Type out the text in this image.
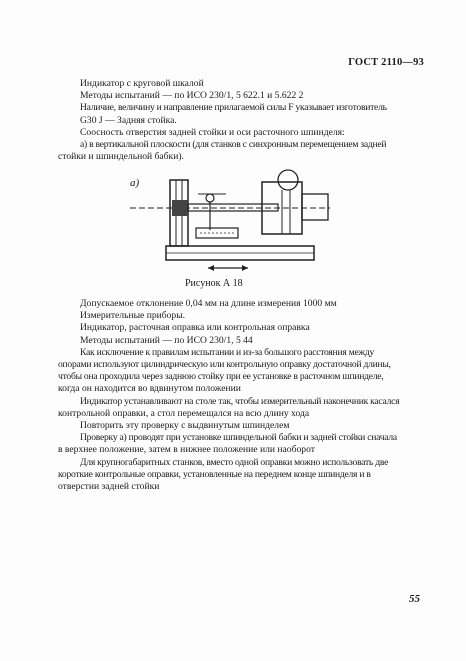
ГОСТ 2110—93
Индикатор с круговой шкалой
Методы испытаний — по ИСО 230/1, 5 622.1 и 5.622 2
Наличие, величину и направление прилагаемой силы F указывает изготовитель
G30 J — Задняя стойка.
Соосность отверстия задней стойки и оси расточного шпинделя:
а) в вертикальной плоскости (для станков с синхронным перемещением задней
стойки и шпиндельной бабки).
а)
Рисунок А 18
Допускаемое отклонение 0,04 мм на длине измерения 1000 мм
Измерительные приборы.
Индикатор, расточная оправка или контрольная оправка
Методы испытаний — по ИСО 230/1, 5 44
Как исключение к правилам испытании и из-за большого расстояния между
опорами используют цилиндрическую или контрольную оправку достаточной длины,
чтобы она проходила через заднюю стойку при ее установке в расточном шпинделе,
когда он находится во вдвинутом положении
Индикатор устанавливают на столе так, чтобы измерительный наконечник касался
контрольной оправки, а стол перемещался на всю длину хода
Повторить эту проверку с выдвинутым шпинделем
Проверку а) проводят при установке шпиндельной бабки и задней стойки сначала
в верхнее положение, затем в нижнее положение или наоборот
Для крупногабаритных станков, вместо одной оправки можно использовать две
короткие контрольные оправки, установленные на переднем конце шпинделя и в
отверстии задней стойки
55
